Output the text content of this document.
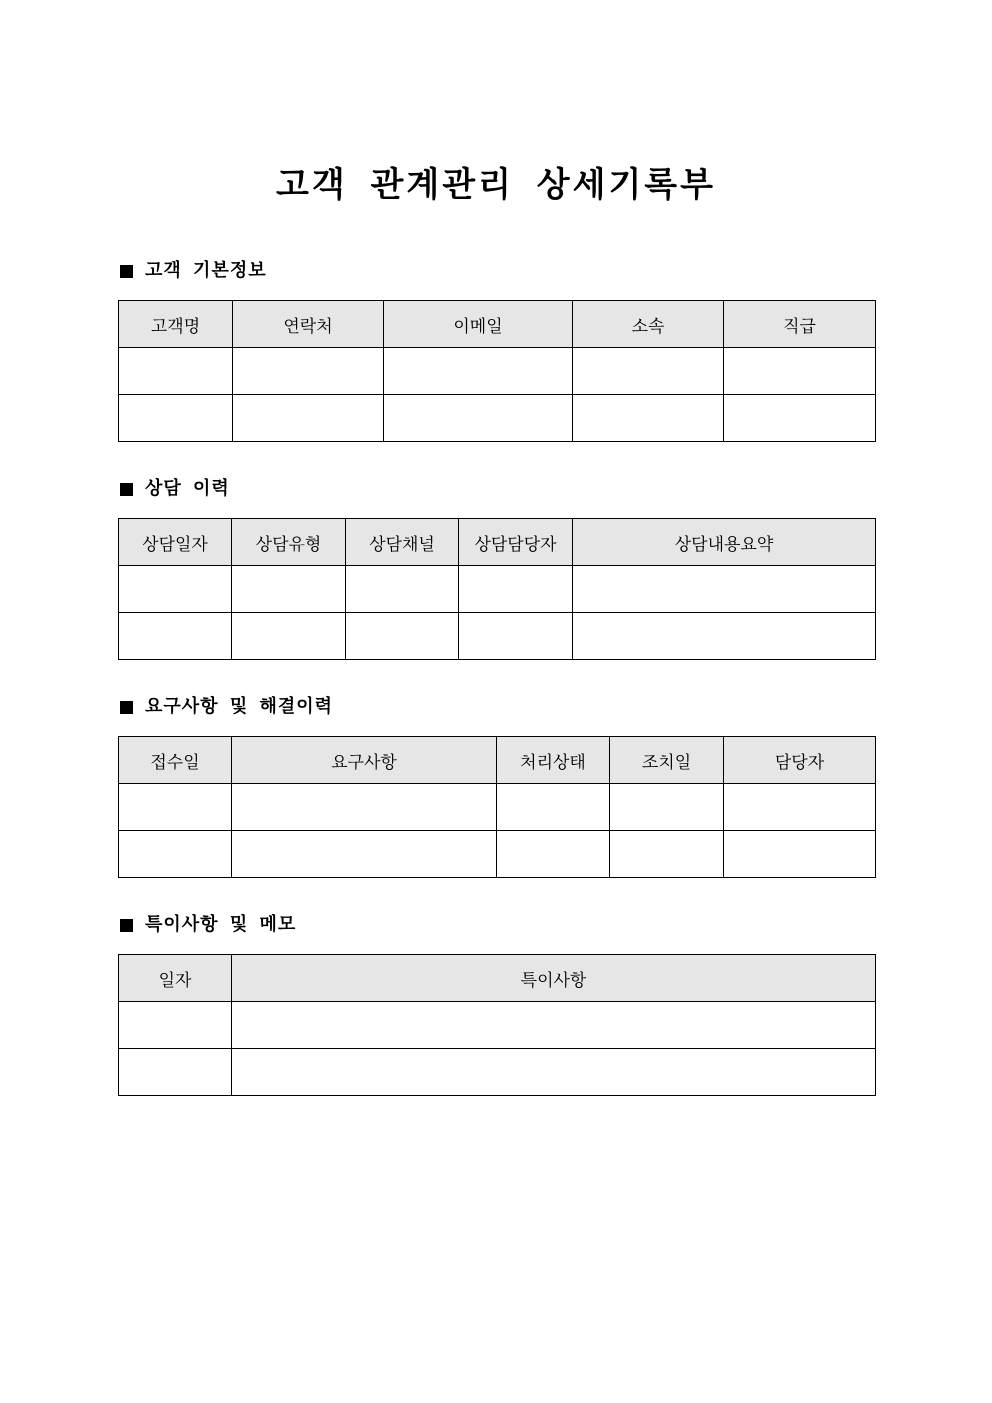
고객 관계관리 상세기록부
고객 기본정보
고객명	연락처	이메일	소속	직급

상담 이력
상담일자	상담유형	상담채널	상담담당자	상담내용요약

요구사항 및 해결이력
접수일	요구사항	처리상태	조치일	담당자

특이사항 및 메모
일자	특이사항
